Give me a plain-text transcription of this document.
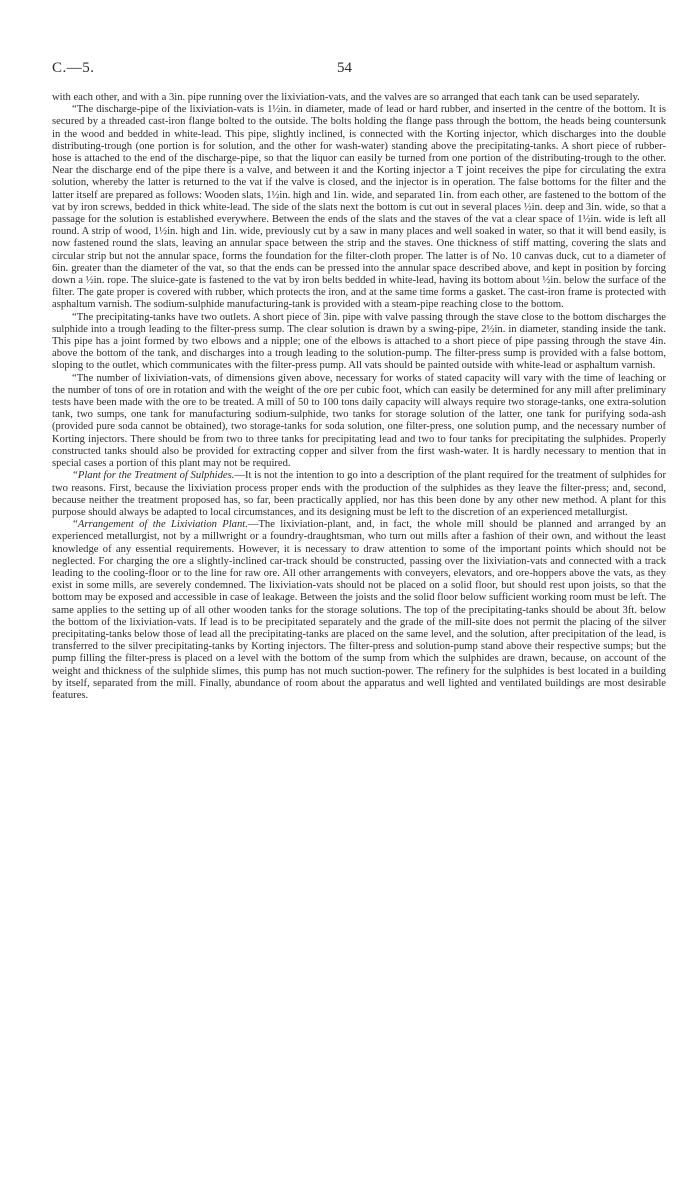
C.—5.	54

with each other, and with a 3in. pipe running over the lixiviation-vats, and the valves are so arranged that each tank can be used separately.

“The discharge-pipe of the lixiviation-vats is 1½in. in diameter, made of lead or hard rubber, and inserted in the centre of the bottom. It is secured by a threaded cast-iron flange bolted to the outside. The bolts holding the flange pass through the bottom, the heads being countersunk in the wood and bedded in white-lead. This pipe, slightly inclined, is connected with the Korting injector, which discharges into the double distributing-trough (one portion is for solution, and the other for wash-water) standing above the precipitating-tanks. A short piece of rubber-hose is attached to the end of the discharge-pipe, so that the liquor can easily be turned from one portion of the distributing-trough to the other. Near the discharge end of the pipe there is a valve, and between it and the Korting injector a T joint receives the pipe for circulating the extra solution, whereby the latter is returned to the vat if the valve is closed, and the injector is in operation. The false bottoms for the filter and the latter itself are prepared as follows: Wooden slats, 1½in. high and 1in. wide, and separated 1in. from each other, are fastened to the bottom of the vat by iron screws, bedded in thick white-lead. The side of the slats next the bottom is cut out in several places ½in. deep and 3in. wide, so that a passage for the solution is established everywhere. Between the ends of the slats and the staves of the vat a clear space of 1½in. wide is left all round. A strip of wood, 1½in. high and 1in. wide, previously cut by a saw in many places and well soaked in water, so that it will bend easily, is now fastened round the slats, leaving an annular space between the strip and the staves. One thickness of stiff matting, covering the slats and circular strip but not the annular space, forms the foundation for the filter-cloth proper. The latter is of No. 10 canvas duck, cut to a diameter of 6in. greater than the diameter of the vat, so that the ends can be pressed into the annular space described above, and kept in position by forcing down a ½in. rope. The sluice-gate is fastened to the vat by iron belts bedded in white-lead, having its bottom about ½in. below the surface of the filter. The gate proper is covered with rubber, which protects the iron, and at the same time forms a gasket. The cast-iron frame is protected with asphaltum varnish. The sodium-sulphide manufacturing-tank is provided with a steam-pipe reaching close to the bottom.

“The precipitating-tanks have two outlets. A short piece of 3in. pipe with valve passing through the stave close to the bottom discharges the sulphide into a trough leading to the filter-press sump. The clear solution is drawn by a swing-pipe, 2½in. in diameter, standing inside the tank. This pipe has a joint formed by two elbows and a nipple; one of the elbows is attached to a short piece of pipe passing through the stave 4in. above the bottom of the tank, and discharges into a trough leading to the solution-pump. The filter-press sump is provided with a false bottom, sloping to the outlet, which communicates with the filter-press pump. All vats should be painted outside with white-lead or asphaltum varnish.

“The number of lixiviation-vats, of dimensions given above, necessary for works of stated capacity will vary with the time of leaching or the number of tons of ore in rotation and with the weight of the ore per cubic foot, which can easily be determined for any mill after preliminary tests have been made with the ore to be treated. A mill of 50 to 100 tons daily capacity will always require two storage-tanks, one extra-solution tank, two sumps, one tank for manufacturing sodium-sulphide, two tanks for storage solution of the latter, one tank for purifying soda-ash (provided pure soda cannot be obtained), two storage-tanks for soda solution, one filter-press, one solution pump, and the necessary number of Korting injectors. There should be from two to three tanks for precipitating lead and two to four tanks for precipitating the sulphides. Properly constructed tanks should also be provided for extracting copper and silver from the first wash-water. It is hardly necessary to mention that in special cases a portion of this plant may not be required.

“Plant for the Treatment of Sulphides.—It is not the intention to go into a description of the plant required for the treatment of sulphides for two reasons. First, because the lixiviation process proper ends with the production of the sulphides as they leave the filter-press; and, second, because neither the treatment proposed has, so far, been practically applied, nor has this been done by any other new method. A plant for this purpose should always be adapted to local circumstances, and its designing must be left to the discretion of an experienced metallurgist.

“Arrangement of the Lixiviation Plant.—The lixiviation-plant, and, in fact, the whole mill should be planned and arranged by an experienced metallurgist, not by a millwright or a foundry-draughtsman, who turn out mills after a fashion of their own, and without the least knowledge of any essential requirements. However, it is necessary to draw attention to some of the important points which should not be neglected. For charging the ore a slightly-inclined car-track should be constructed, passing over the lixiviation-vats and connected with a track leading to the cooling-floor or to the line for raw ore. All other arrangements with conveyers, elevators, and ore-hoppers above the vats, as they exist in some mills, are severely condemned. The lixiviation-vats should not be placed on a solid floor, but should rest upon joists, so that the bottom may be exposed and accessible in case of leakage. Between the joists and the solid floor below sufficient working room must be left. The same applies to the setting up of all other wooden tanks for the storage solutions. The top of the precipitating-tanks should be about 3ft. below the bottom of the lixiviation-vats. If lead is to be precipitated separately and the grade of the mill-site does not permit the placing of the silver precipitating-tanks below those of lead all the precipitating-tanks are placed on the same level, and the solution, after precipitation of the lead, is transferred to the silver precipitating-tanks by Korting injectors. The filter-press and solution-pump stand above their respective sumps; but the pump filling the filter-press is placed on a level with the bottom of the sump from which the sulphides are drawn, because, on account of the weight and thickness of the sulphide slimes, this pump has not much suction-power. The refinery for the sulphides is best located in a building by itself, separated from the mill. Finally, abundance of room about the apparatus and well lighted and ventilated buildings are most desirable features.
